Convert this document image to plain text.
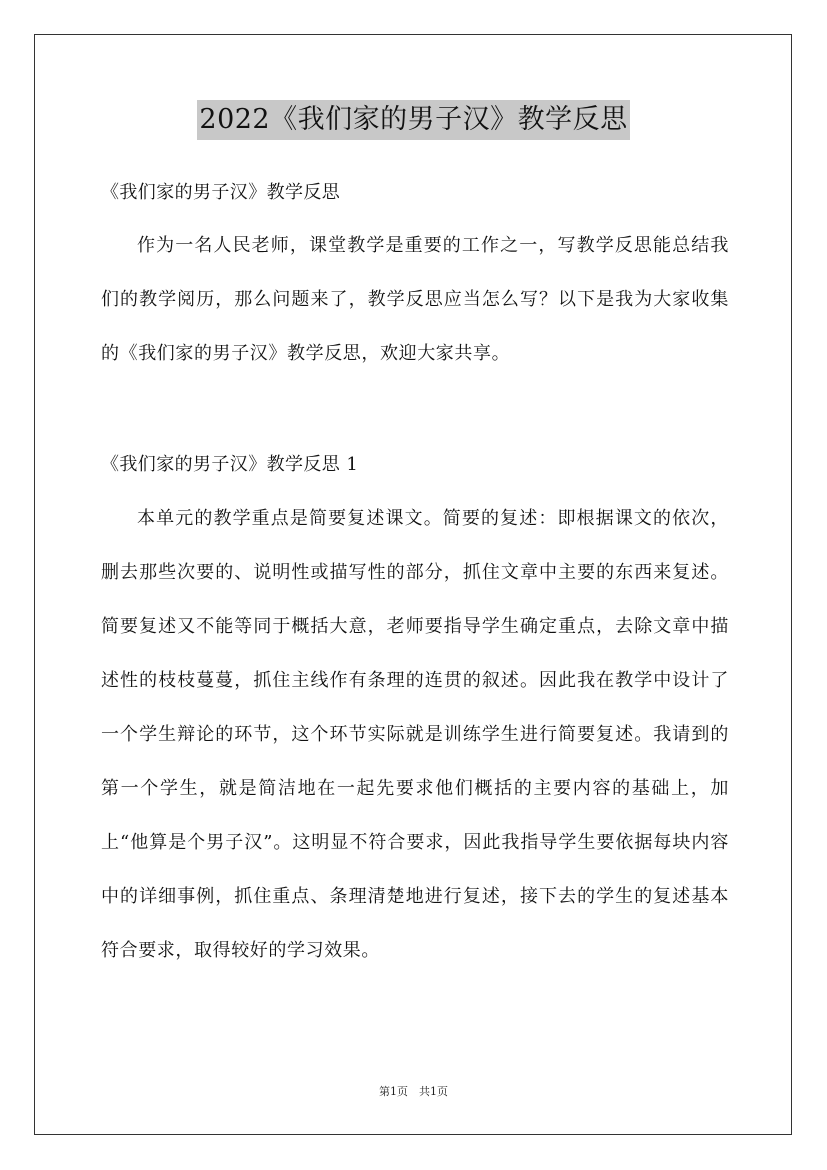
2022《我们家的男子汉》教学反思

《我们家的男子汉》教学反思

作为一名人民老师，课堂教学是重要的工作之一，写教学反思能总结我们的教学阅历，那么问题来了，教学反思应当怎么写？以下是我为大家收集的《我们家的男子汉》教学反思，欢迎大家共享。

《我们家的男子汉》教学反思 1

本单元的教学重点是简要复述课文。简要的复述：即根据课文的依次，删去那些次要的、说明性或描写性的部分，抓住文章中主要的东西来复述。简要复述又不能等同于概括大意，老师要指导学生确定重点，去除文章中描述性的枝枝蔓蔓，抓住主线作有条理的连贯的叙述。因此我在教学中设计了一个学生辩论的环节，这个环节实际就是训练学生进行简要复述。我请到的第一个学生，就是简洁地在一起先要求他们概括的主要内容的基础上，加上“他算是个男子汉”。这明显不符合要求，因此我指导学生要依据每块内容中的详细事例，抓住重点、条理清楚地进行复述，接下去的学生的复述基本符合要求，取得较好的学习效果。

第1页　共1页
